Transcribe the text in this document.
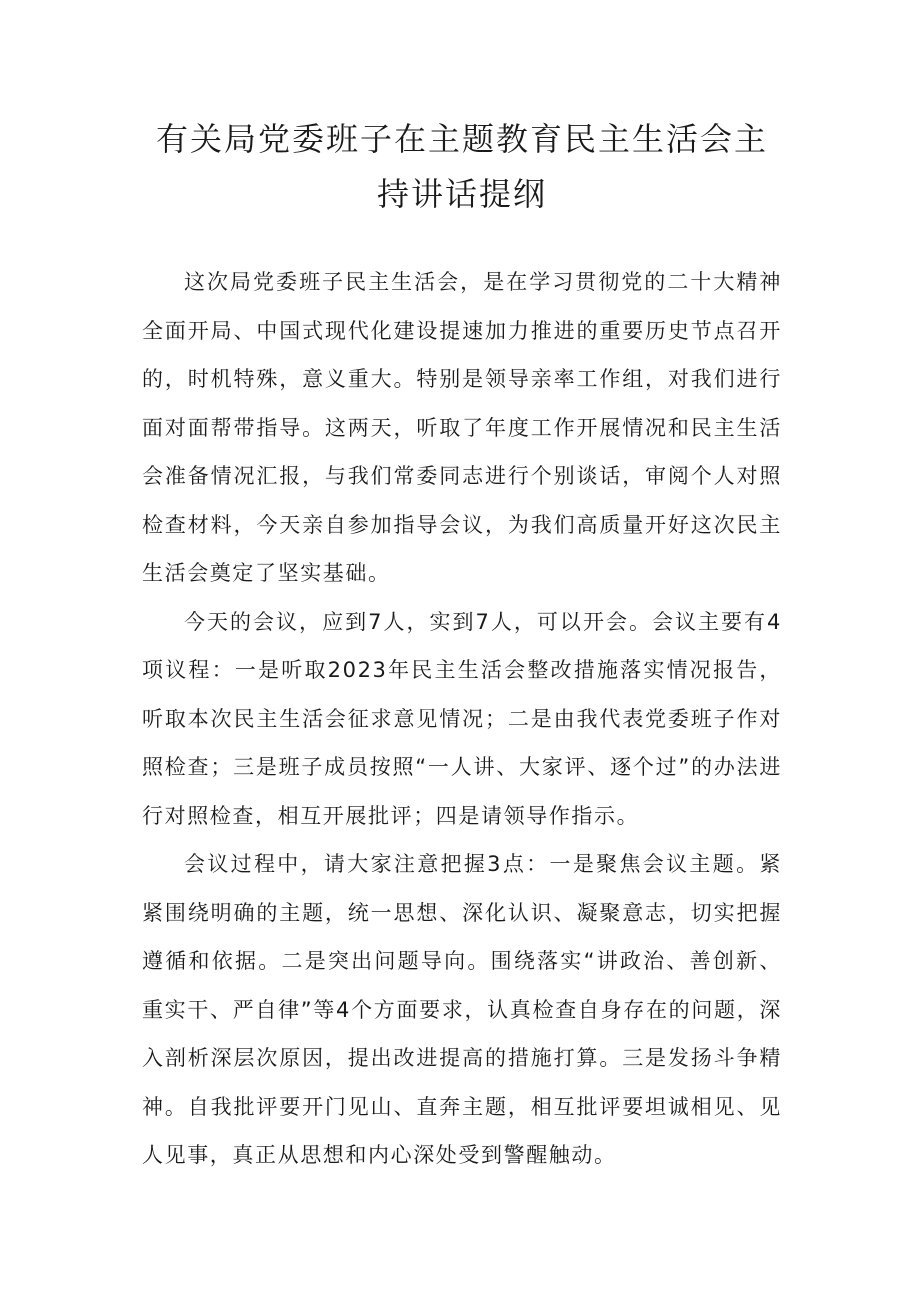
有关局党委班子在主题教育民主生活会主
持讲话提纲

这次局党委班子民主生活会，是在学习贯彻党的二十大精神全面开局、中国式现代化建设提速加力推进的重要历史节点召开的，时机特殊，意义重大。特别是领导亲率工作组，对我们进行面对面帮带指导。这两天，听取了年度工作开展情况和民主生活会准备情况汇报，与我们常委同志进行个别谈话，审阅个人对照检查材料，今天亲自参加指导会议，为我们高质量开好这次民主生活会奠定了坚实基础。

今天的会议，应到7人，实到7人，可以开会。会议主要有4项议程：一是听取2023年民主生活会整改措施落实情况报告，听取本次民主生活会征求意见情况；二是由我代表党委班子作对照检查；三是班子成员按照“一人讲、大家评、逐个过”的办法进行对照检查，相互开展批评；四是请领导作指示。

会议过程中，请大家注意把握3点：一是聚焦会议主题。紧紧围绕明确的主题，统一思想、深化认识、凝聚意志，切实把握遵循和依据。二是突出问题导向。围绕落实“讲政治、善创新、重实干、严自律”等4个方面要求，认真检查自身存在的问题，深入剖析深层次原因，提出改进提高的措施打算。三是发扬斗争精神。自我批评要开门见山、直奔主题，相互批评要坦诚相见、见人见事，真正从思想和内心深处受到警醒触动。
